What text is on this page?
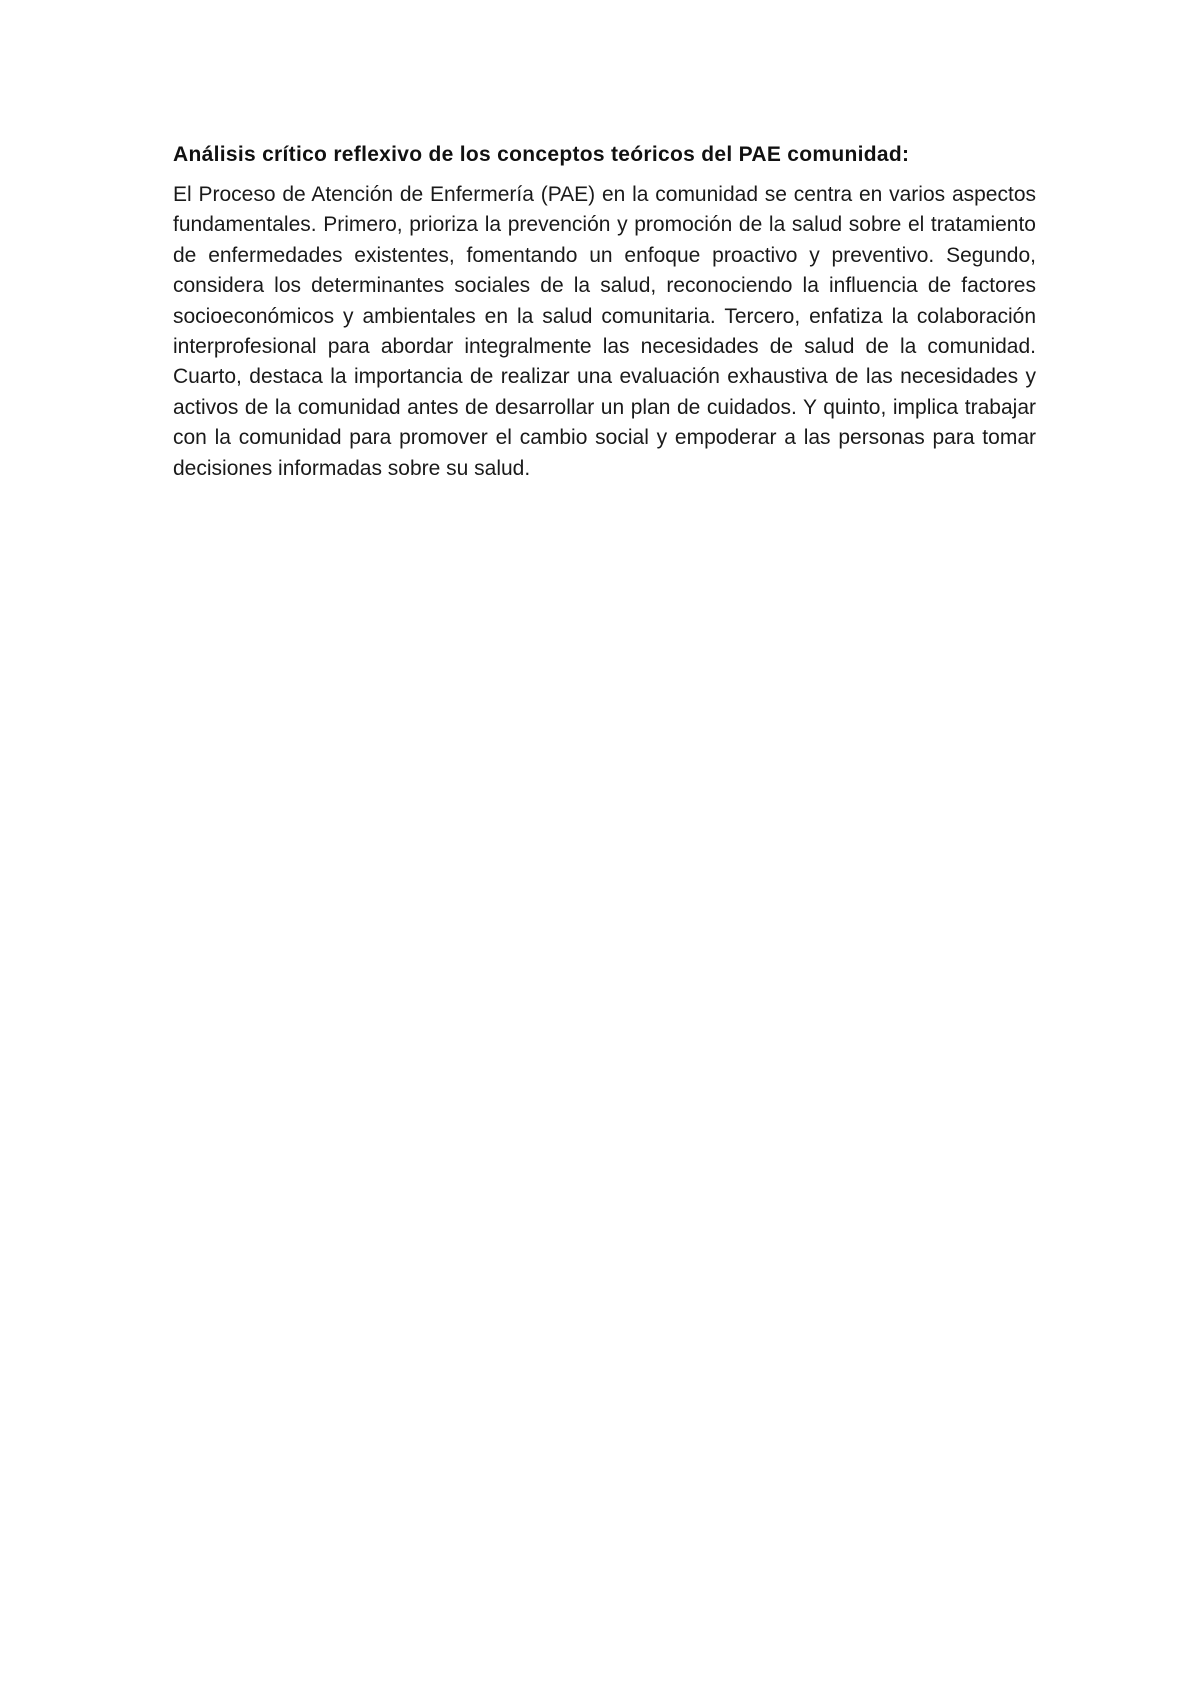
Análisis crítico reflexivo de los conceptos teóricos del PAE comunidad:

El Proceso de Atención de Enfermería (PAE) en la comunidad se centra en varios aspectos fundamentales. Primero, prioriza la prevención y promoción de la salud sobre el tratamiento de enfermedades existentes, fomentando un enfoque proactivo y preventivo. Segundo, considera los determinantes sociales de la salud, reconociendo la influencia de factores socioeconómicos y ambientales en la salud comunitaria. Tercero, enfatiza la colaboración interprofesional para abordar integralmente las necesidades de salud de la comunidad. Cuarto, destaca la importancia de realizar una evaluación exhaustiva de las necesidades y activos de la comunidad antes de desarrollar un plan de cuidados. Y quinto, implica trabajar con la comunidad para promover el cambio social y empoderar a las personas para tomar decisiones informadas sobre su salud.
